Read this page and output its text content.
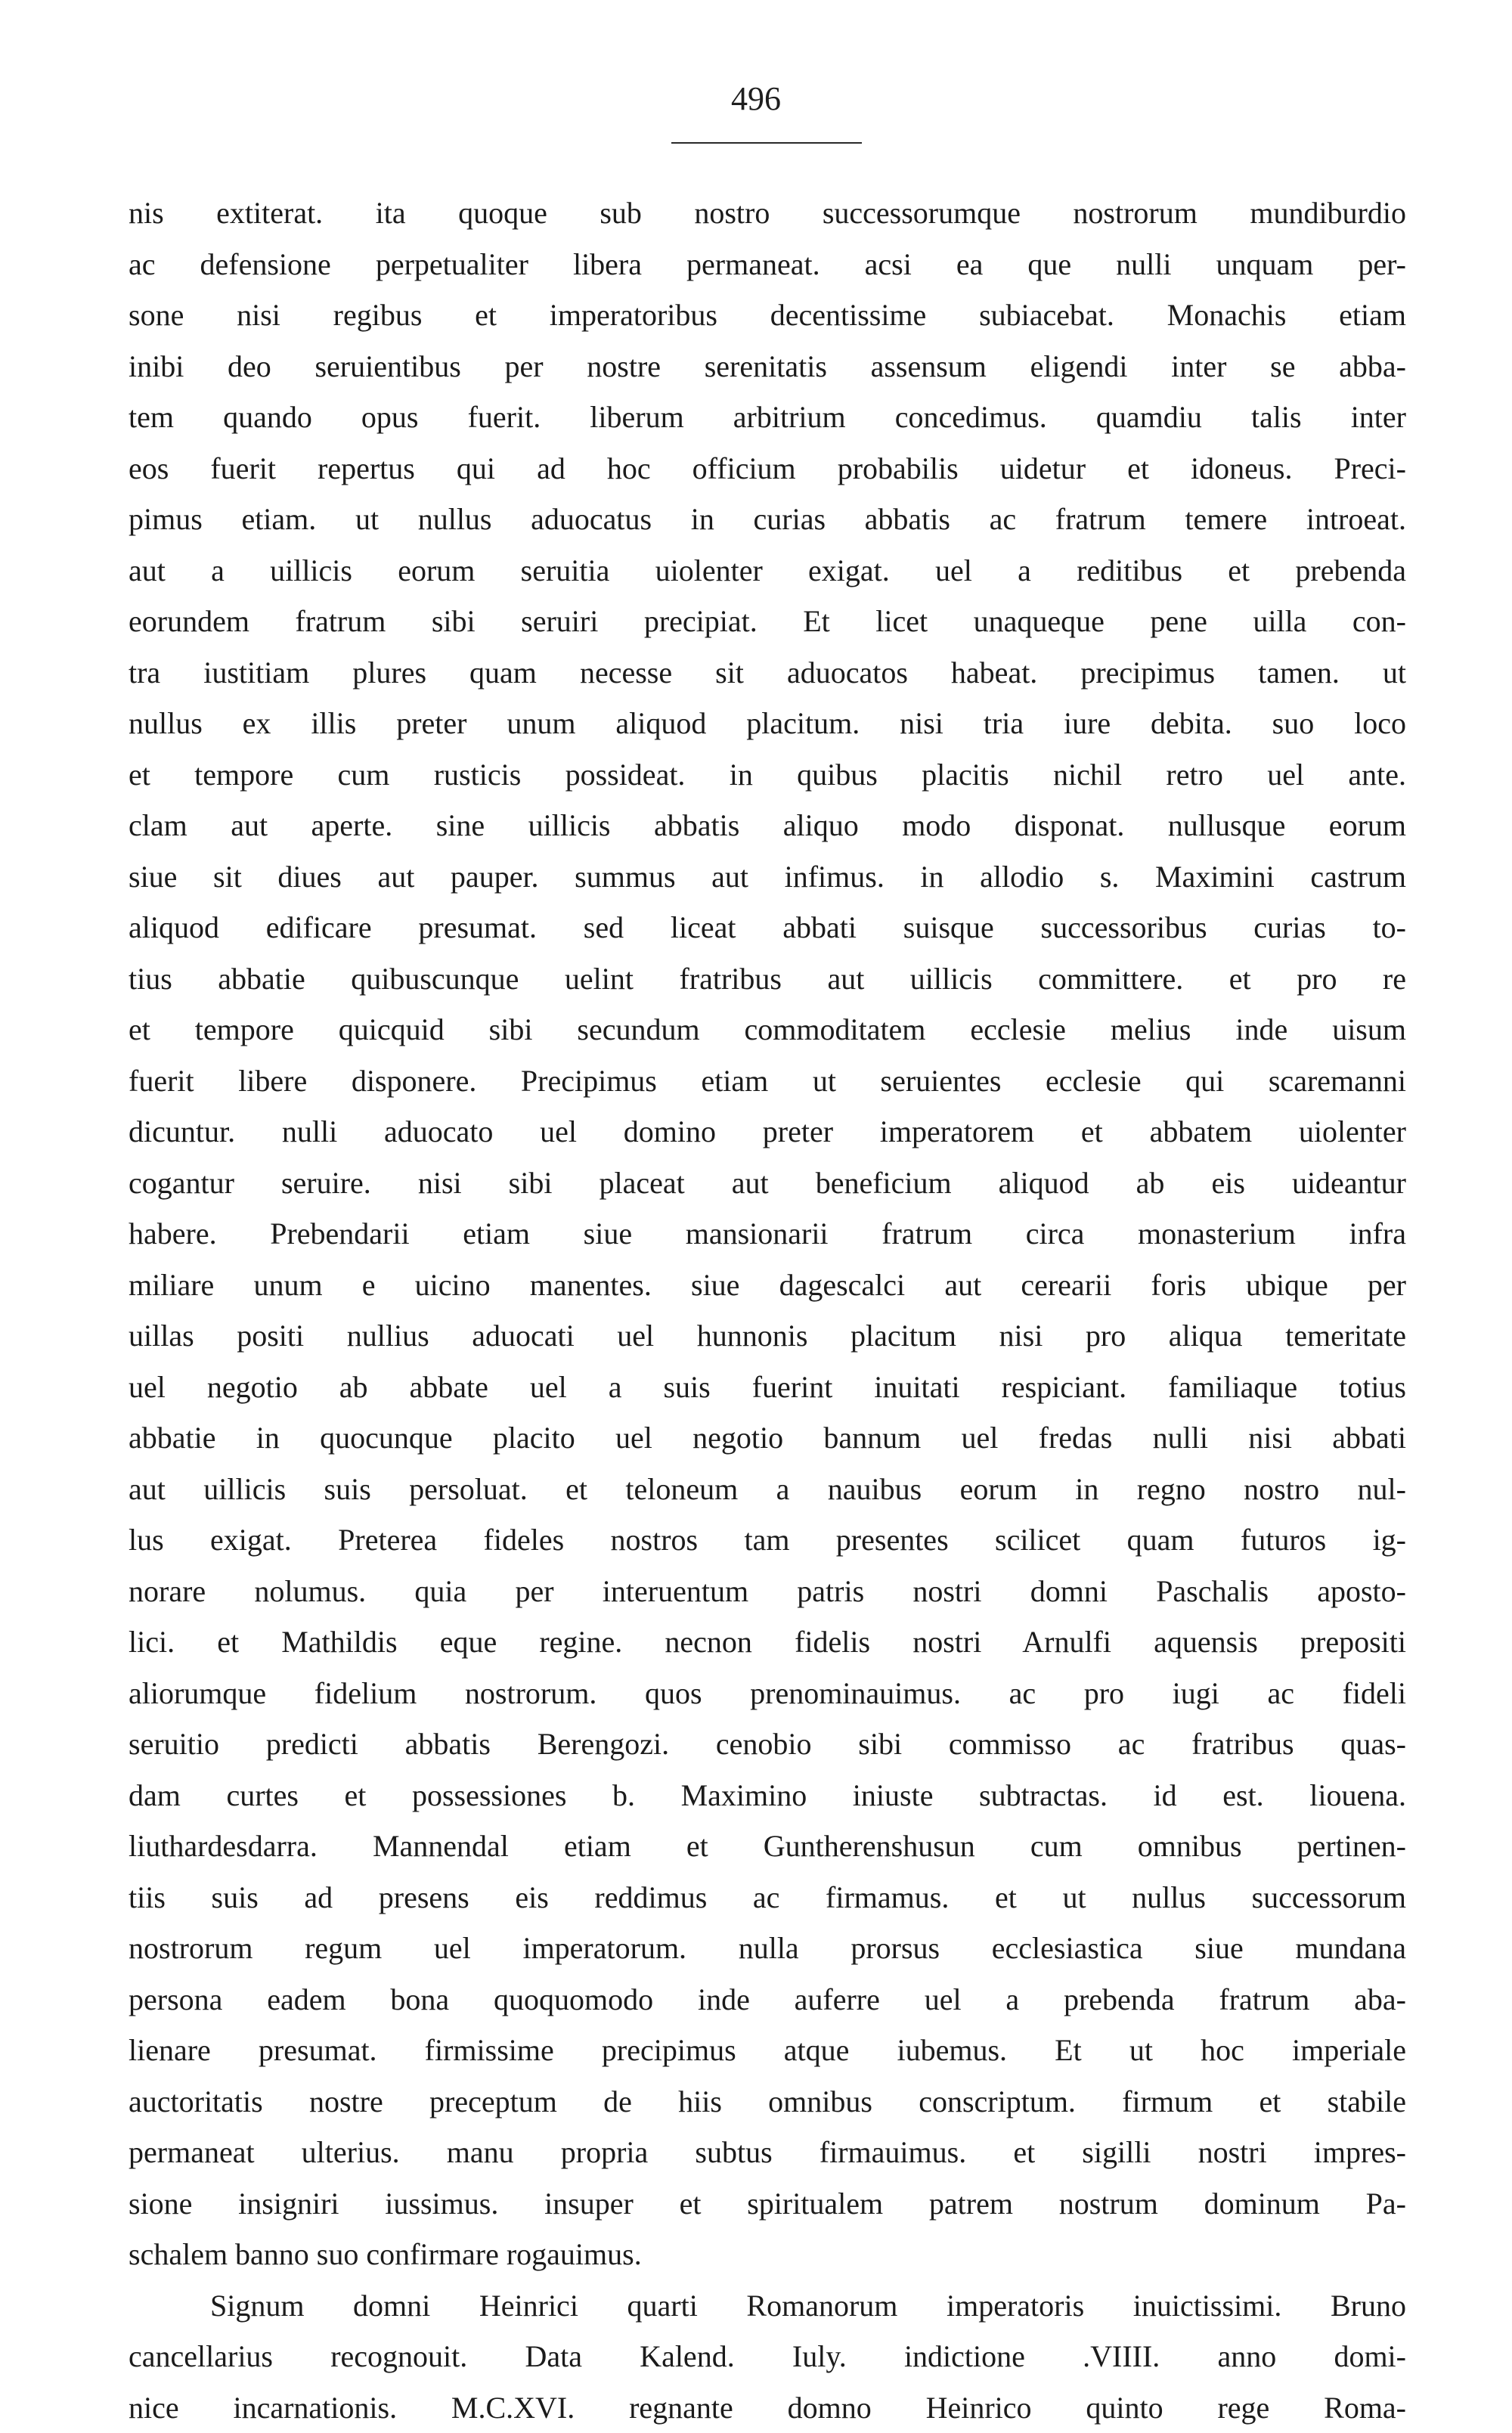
496
nis extiterat. ita quoque sub nostro successorumque nostrorum mundiburdio
ac defensione perpetualiter libera permaneat. acsi ea que nulli unquam per-
sone nisi regibus et imperatoribus decentissime subiacebat. Monachis etiam
inibi deo seruientibus per nostre serenitatis assensum eligendi inter se abba-
tem quando opus fuerit. liberum arbitrium concedimus. quamdiu talis inter
eos fuerit repertus qui ad hoc officium probabilis uidetur et idoneus. Preci-
pimus etiam. ut nullus aduocatus in curias abbatis ac fratrum temere introeat.
aut a uillicis eorum seruitia uiolenter exigat. uel a reditibus et prebenda
eorundem fratrum sibi seruiri precipiat. Et licet unaqueque pene uilla con-
tra iustitiam plures quam necesse sit aduocatos habeat. precipimus tamen. ut
nullus ex illis preter unum aliquod placitum. nisi tria iure debita. suo loco
et tempore cum rusticis possideat. in quibus placitis nichil retro uel ante.
clam aut aperte. sine uillicis abbatis aliquo modo disponat. nullusque eorum
siue sit diues aut pauper. summus aut infimus. in allodio s. Maximini castrum
aliquod edificare presumat. sed liceat abbati suisque successoribus curias to-
tius abbatie quibuscunque uelint fratribus aut uillicis committere. et pro re
et tempore quicquid sibi secundum commoditatem ecclesie melius inde uisum
fuerit libere disponere. Precipimus etiam ut seruientes ecclesie qui scaremanni
dicuntur. nulli aduocato uel domino preter imperatorem et abbatem uiolenter
cogantur seruire. nisi sibi placeat aut beneficium aliquod ab eis uideantur
habere. Prebendarii etiam siue mansionarii fratrum circa monasterium infra
miliare unum e uicino manentes. siue dagescalci aut cerearii foris ubique per
uillas positi nullius aduocati uel hunnonis placitum nisi pro aliqua temeritate
uel negotio ab abbate uel a suis fuerint inuitati respiciant. familiaque totius
abbatie in quocunque placito uel negotio bannum uel fredas nulli nisi abbati
aut uillicis suis persoluat. et teloneum a nauibus eorum in regno nostro nul-
lus exigat. Preterea fideles nostros tam presentes scilicet quam futuros ig-
norare nolumus. quia per interuentum patris nostri domni Paschalis aposto-
lici. et Mathildis eque regine. necnon fidelis nostri Arnulfi aquensis prepositi
aliorumque fidelium nostrorum. quos prenominauimus. ac pro iugi ac fideli
seruitio predicti abbatis Berengozi. cenobio sibi commisso ac fratribus quas-
dam curtes et possessiones b. Maximino iniuste subtractas. id est. liouena.
liuthardesdarra. Mannendal etiam et Guntherenshusun cum omnibus pertinen-
tiis suis ad presens eis reddimus ac firmamus. et ut nullus successorum
nostrorum regum uel imperatorum. nulla prorsus ecclesiastica siue mundana
persona eadem bona quoquomodo inde auferre uel a prebenda fratrum aba-
lienare presumat. firmissime precipimus atque iubemus. Et ut hoc imperiale
auctoritatis nostre preceptum de hiis omnibus conscriptum. firmum et stabile
permaneat ulterius. manu propria subtus firmauimus. et sigilli nostri impres-
sione insigniri iussimus. insuper et spiritualem patrem nostrum dominum Pa-
schalem banno suo confirmare rogauimus.
Signum domni Heinrici quarti Romanorum imperatoris inuictissimi. Bruno
cancellarius recognouit. Data Kalend. Iuly. indictione .VIIII. anno domi-
nice incarnationis. M.C.XVI. regnante domno Heinrico quinto rege Roma-
